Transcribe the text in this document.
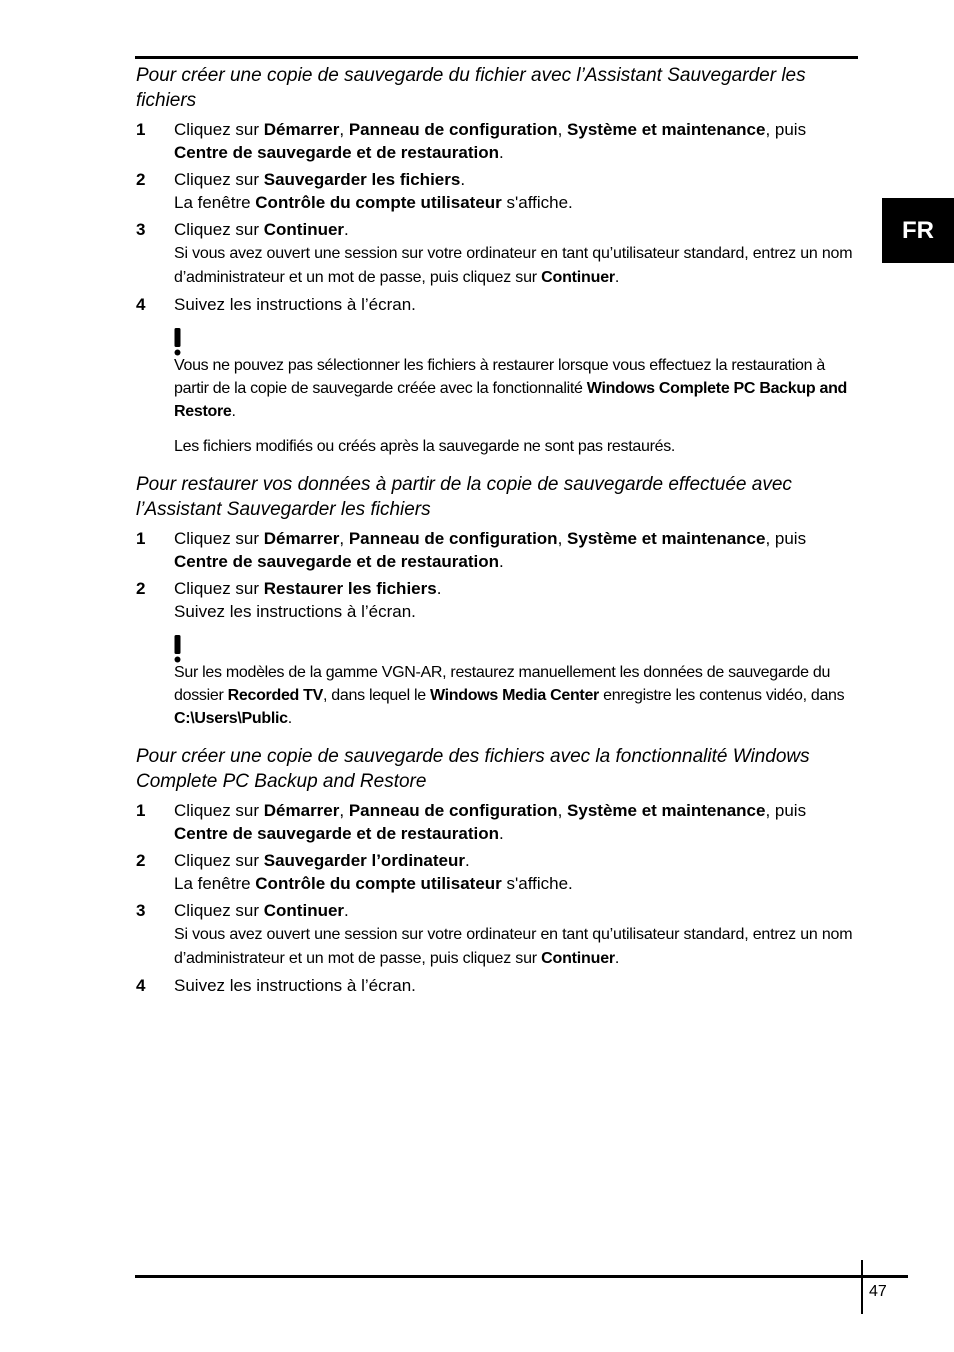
FR
Pour créer une copie de sauvegarde du fichier avec l’Assistant Sauvegarder les fichiers
1 Cliquez sur Démarrer, Panneau de configuration, Système et maintenance, puis Centre de sauvegarde et de restauration.
2 Cliquez sur Sauvegarder les fichiers.
La fenêtre Contrôle du compte utilisateur s'affiche.
3 Cliquez sur Continuer.
Si vous avez ouvert une session sur votre ordinateur en tant qu’utilisateur standard, entrez un nom d’administrateur et un mot de passe, puis cliquez sur Continuer.
4 Suivez les instructions à l’écran.

Vous ne pouvez pas sélectionner les fichiers à restaurer lorsque vous effectuez la restauration à partir de la copie de sauvegarde créée avec la fonctionnalité Windows Complete PC Backup and Restore.

Les fichiers modifiés ou créés après la sauvegarde ne sont pas restaurés.

Pour restaurer vos données à partir de la copie de sauvegarde effectuée avec l’Assistant Sauvegarder les fichiers
1 Cliquez sur Démarrer, Panneau de configuration, Système et maintenance, puis Centre de sauvegarde et de restauration.
2 Cliquez sur Restaurer les fichiers.
Suivez les instructions à l’écran.

Sur les modèles de la gamme VGN-AR, restaurez manuellement les données de sauvegarde du dossier Recorded TV, dans lequel le Windows Media Center enregistre les contenus vidéo, dans C:\Users\Public.

Pour créer une copie de sauvegarde des fichiers avec la fonctionnalité Windows Complete PC Backup and Restore
1 Cliquez sur Démarrer, Panneau de configuration, Système et maintenance, puis Centre de sauvegarde et de restauration.
2 Cliquez sur Sauvegarder l’ordinateur.
La fenêtre Contrôle du compte utilisateur s'affiche.
3 Cliquez sur Continuer.
Si vous avez ouvert une session sur votre ordinateur en tant qu’utilisateur standard, entrez un nom d’administrateur et un mot de passe, puis cliquez sur Continuer.
4 Suivez les instructions à l’écran.
47
